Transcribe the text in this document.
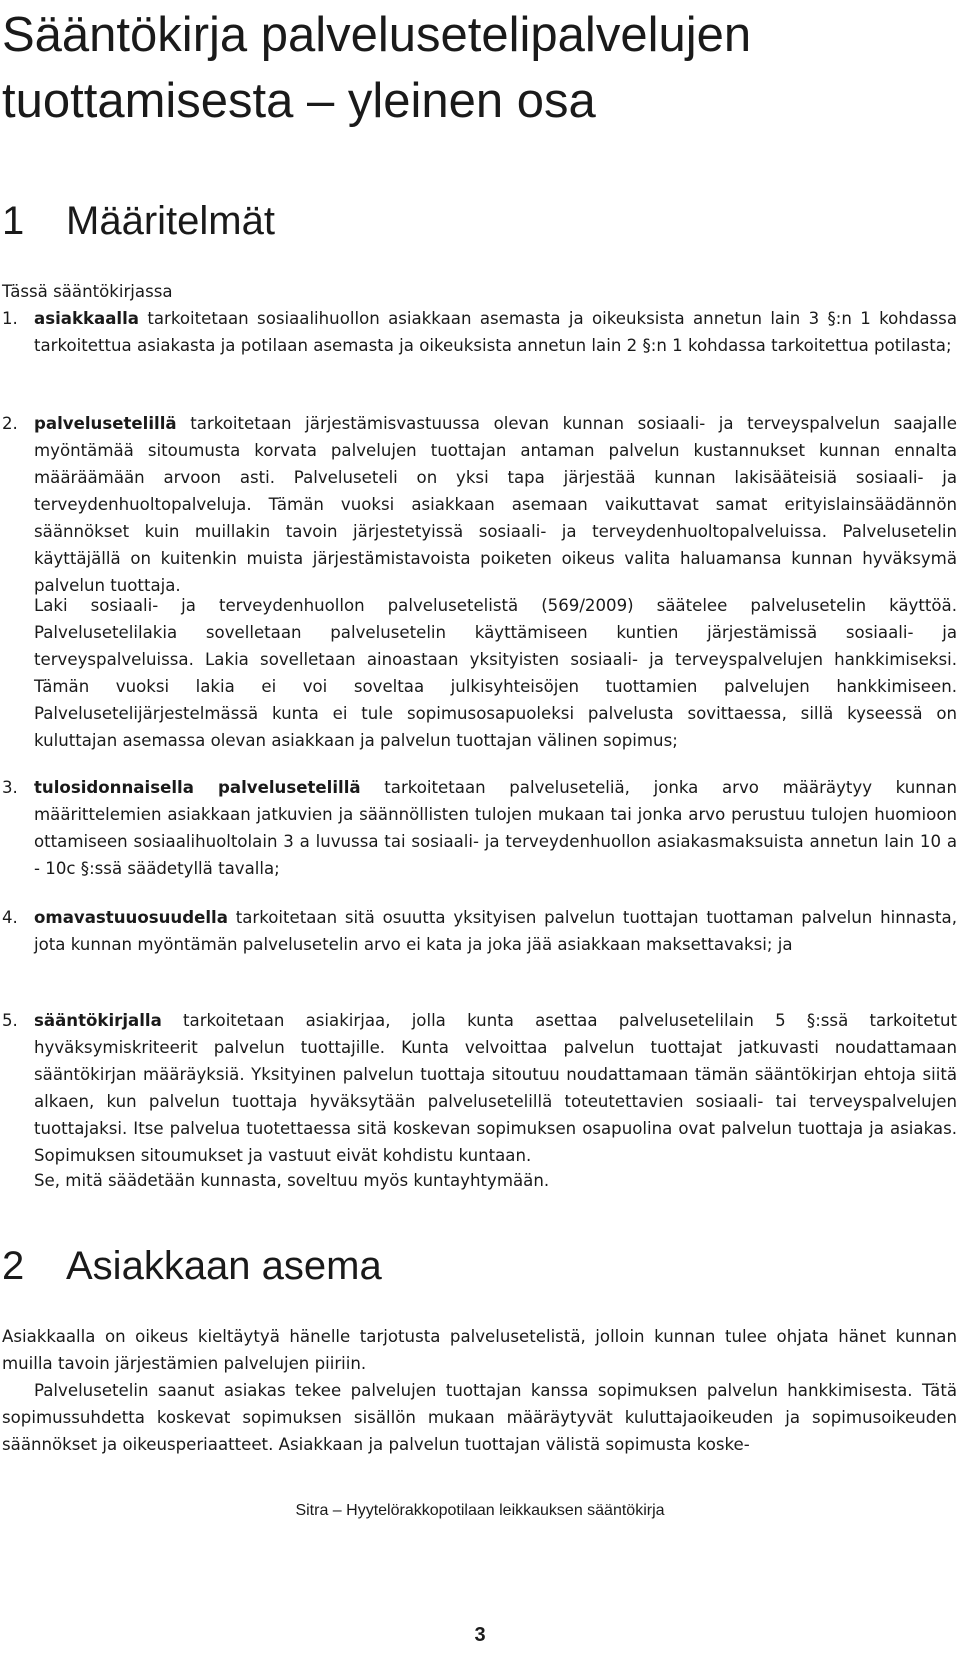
Sääntökirja palvelusetelipalvelujen tuottamisesta – yleinen osa
1 Määritelmät

Tässä sääntökirjassa

1. asiakkaalla tarkoitetaan sosiaalihuollon asiakkaan asemasta ja oikeuksista annetun lain 3 §:n 1 kohdassa tarkoitettua asiakasta ja potilaan asemasta ja oikeuksista annetun lain 2 §:n 1 kohdassa tarkoitettua potilasta;

2. palvelusetelillä tarkoitetaan järjestämisvastuussa olevan kunnan sosiaali- ja terveyspalvelun saajalle myöntämää sitoumusta korvata palvelujen tuottajan antaman palvelun kustannukset kunnan ennalta määräämään arvoon asti. Palveluseteli on yksi tapa järjestää kunnan lakisääteisiä sosiaali- ja terveydenhuoltopalveluja. Tämän vuoksi asiakkaan asemaan vaikuttavat samat erityislainsäädännön säännökset kuin muillakin tavoin järjestetyissä sosiaali- ja terveydenhuoltopalveluissa. Palvelusetelin käyttäjällä on kuitenkin muista järjestämistavoista poiketen oikeus valita haluamansa kunnan hyväksymä palvelun tuottaja.

Laki sosiaali- ja terveydenhuollon palvelusetelistä (569/2009) säätelee palvelusetelin käyttöä. Palvelusetelilakia sovelletaan palvelusetelin käyttämiseen kuntien järjestämissä sosiaali- ja terveyspalveluissa. Lakia sovelletaan ainoastaan yksityisten sosiaali- ja terveyspalvelujen hankkimiseksi. Tämän vuoksi lakia ei voi soveltaa julkisyhteisöjen tuottamien palvelujen hankkimiseen. Palvelusetelijärjestelmässä kunta ei tule sopimusosapuoleksi palvelusta sovittaessa, sillä kyseessä on kuluttajan asemassa olevan asiakkaan ja palvelun tuottajan välinen sopimus;

3. tulosidonnaisella palvelusetelillä tarkoitetaan palveluseteliä, jonka arvo määräytyy kunnan määrittelemien asiakkaan jatkuvien ja säännöllisten tulojen mukaan tai jonka arvo perustuu tulojen huomioon ottamiseen sosiaalihuoltolain 3 a luvussa tai sosiaali- ja terveydenhuollon asiakasmaksuista annetun lain 10 a - 10c §:ssä säädetyllä tavalla;

4. omavastuuosuudella tarkoitetaan sitä osuutta yksityisen palvelun tuottajan tuottaman palvelun hinnasta, jota kunnan myöntämän palvelusetelin arvo ei kata ja joka jää asiakkaan maksettavaksi; ja

5. sääntökirjalla tarkoitetaan asiakirjaa, jolla kunta asettaa palvelusetelilain 5 §:ssä tarkoitetut hyväksymiskriteerit palvelun tuottajille. Kunta velvoittaa palvelun tuottajat jatkuvasti noudattamaan sääntökirjan määräyksiä. Yksityinen palvelun tuottaja sitoutuu noudattamaan tämän sääntökirjan ehtoja siitä alkaen, kun palvelun tuottaja hyväksytään palvelusetelillä toteutettavien sosiaali- tai terveyspalvelujen tuottajaksi. Itse palvelua tuotettaessa sitä koskevan sopimuksen osapuolina ovat palvelun tuottaja ja asiakas. Sopimuksen sitoumukset ja vastuut eivät kohdistu kuntaan.

Se, mitä säädetään kunnasta, soveltuu myös kuntayhtymään.

2 Asiakkaan asema

Asiakkaalla on oikeus kieltäytyä hänelle tarjotusta palvelusetelistä, jolloin kunnan tulee ohjata hänet kunnan muilla tavoin järjestämien palvelujen piiriin.

Palvelusetelin saanut asiakas tekee palvelujen tuottajan kanssa sopimuksen palvelun hankkimisesta. Tätä sopimussuhdetta koskevat sopimuksen sisällön mukaan määräytyvät kuluttajaoikeuden ja sopimusoikeuden säännökset ja oikeusperiaatteet. Asiakkaan ja palvelun tuottajan välistä sopimusta koske-

Sitra – Hyytelörakkopotilaan leikkauksen sääntökirja
3
